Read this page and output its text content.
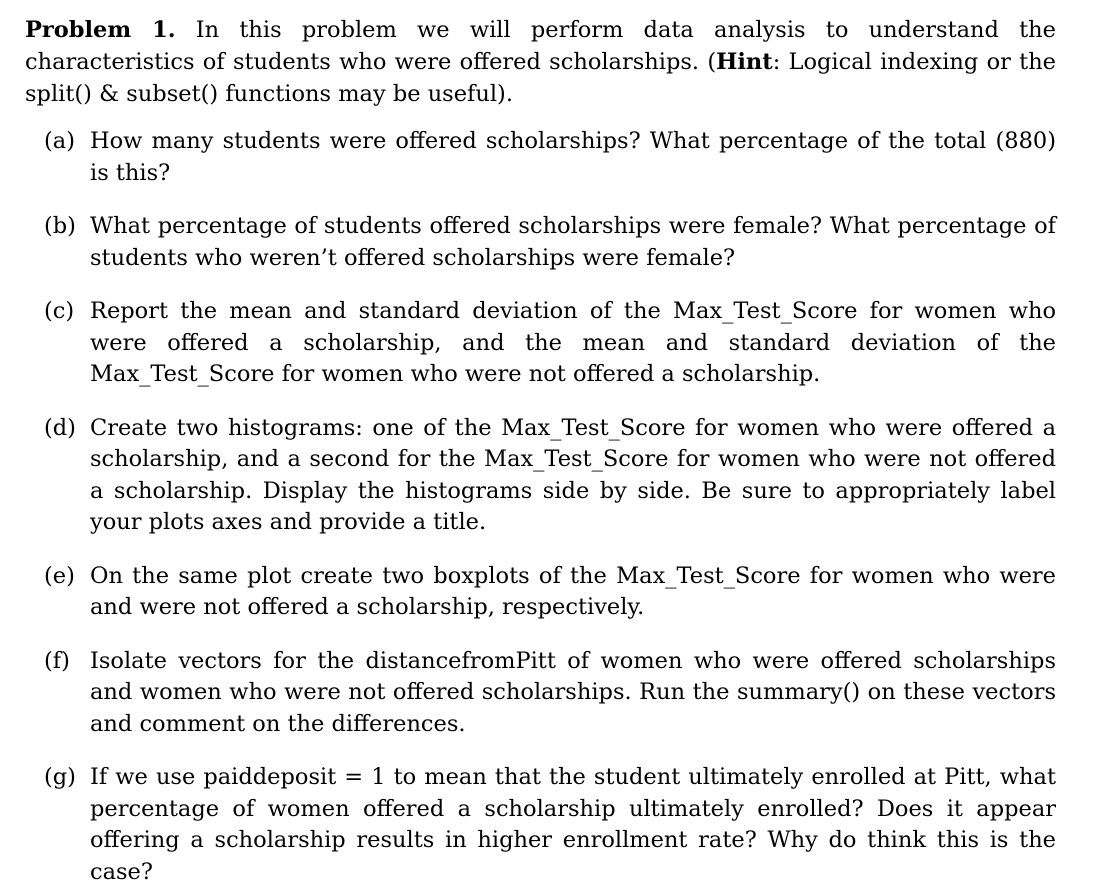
Problem 1. In this problem we will perform data analysis to understand the characteristics of students who were offered scholarships. (Hint: Logical indexing or the split() & subset() functions may be useful).

(a) How many students were offered scholarships? What percentage of the total (880) is this?
(b) What percentage of students offered scholarships were female? What percentage of students who weren’t offered scholarships were female?
(c) Report the mean and standard deviation of the Max_Test_Score for women who were offered a scholarship, and the mean and standard deviation of the Max_Test_Score for women who were not offered a scholarship.
(d) Create two histograms: one of the Max_Test_Score for women who were offered a scholarship, and a second for the Max_Test_Score for women who were not offered a scholarship. Display the histograms side by side. Be sure to appropriately label your plots axes and provide a title.
(e) On the same plot create two boxplots of the Max_Test_Score for women who were and were not offered a scholarship, respectively.
(f) Isolate vectors for the distancefromPitt of women who were offered scholarships and women who were not offered scholarships. Run the summary() on these vectors and comment on the differences.
(g) If we use paiddeposit = 1 to mean that the student ultimately enrolled at Pitt, what percentage of women offered a scholarship ultimately enrolled? Does it appear offering a scholarship results in higher enrollment rate? Why do think this is the case?
